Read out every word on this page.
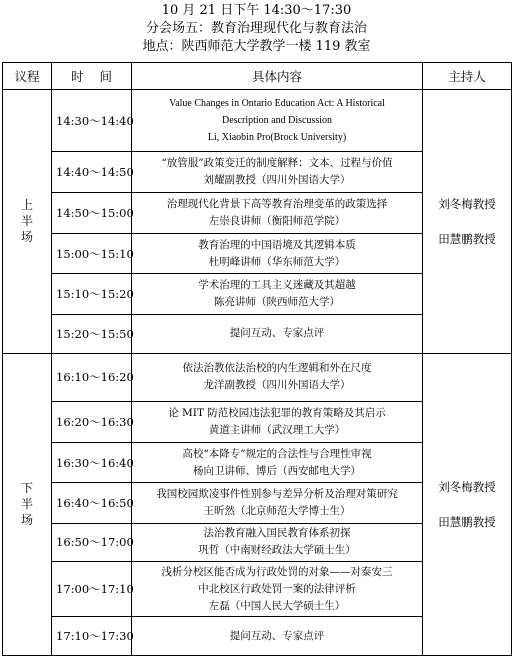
10 月 21 日下午 14:30～17:30
分会场五：教育治理现代化与教育法治
地点：陕西师范大学教学一楼 119 教室
议程	时    间	具体内容	主持人

上
半
场	14:30～14:40	Value Changes in Ontario Education Act: A Historical
Description and Discussion
Li, Xiaobin Pro(Brock University)	刘冬梅教授
田慧鹏教授

	14:40～14:50	“放管服”政策变迁的制度解释：文本、过程与价值
刘耀副教授（四川外国语大学）	

	14:50～15:00	治理现代化背景下高等教育治理变革的政策选择
左崇良讲师（衡阳师范学院）	

	15:00～15:10	教育治理的中国语境及其逻辑本质
杜明峰讲师（华东师范大学）	

	15:10～15:20	学术治理的工具主义迷藏及其超越
陈亮讲师（陕西师范大学）	

	15:20～15:50	提问互动、专家点评	

下
半
场	16:10～16:20	依法治教依法治校的内生逻辑和外在尺度
龙洋副教授（四川外国语大学）	刘冬梅教授
田慧鹏教授

	16:20～16:30	论 MIT 防范校园违法犯罪的教育策略及其启示
黄道主讲师（武汉理工大学）	

	16:30～16:40	高校“本降专”规定的合法性与合理性审视
杨向卫讲师、博后（西安邮电大学）	

	16:40～16:50	我国校园欺凌事件性别参与差异分析及治理对策研究
王昕然（北京师范大学博士生）	

	16:50～17:00	法治教育融入国民教育体系初探
巩哲（中南财经政法大学硕士生）	

	17:00～17:10	浅析分校区能否成为行政处罚的对象——对泰安三
中北校区行政处罚一案的法律评析
左磊（中国人民大学硕士生）	

	17:10～17:30	提问互动、专家点评	
